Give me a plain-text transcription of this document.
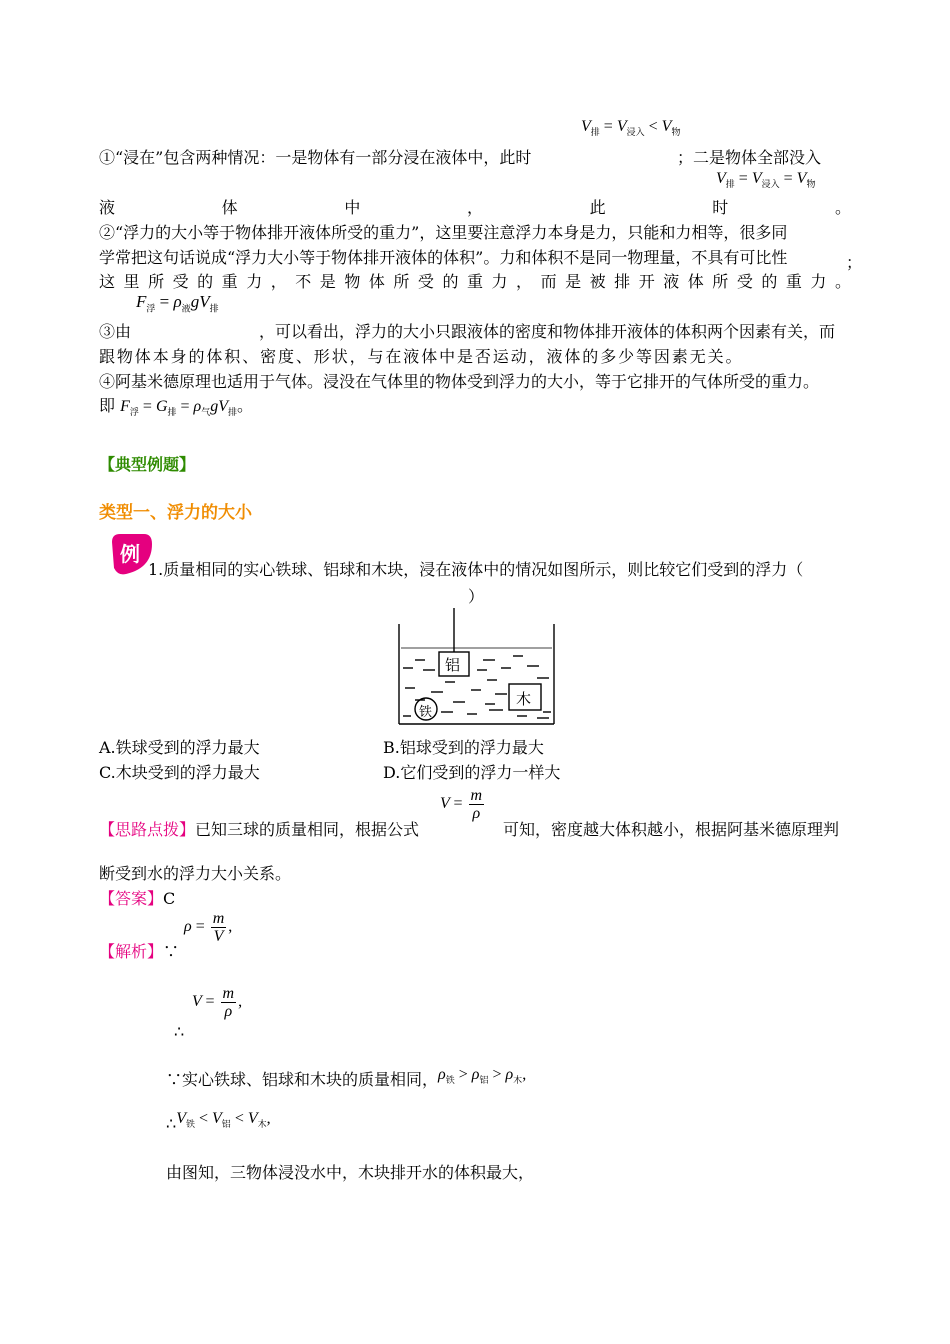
$V_排 = V_{浸入} < V_物$
①“浸在”包含两种情况：一是物体有一部分浸在液体中，此时	；二是物体全部没入
$V_排 = V_{浸入} = V_物$
液	体	中	，	此	时	。
②“浮力的大小等于物体排开液体所受的重力”，这里要注意浮力本身是力，只能和力相等，很多同
学常把这句话说成“浮力大小等于物体排开液体的体积”。力和体积不是同一物理量，不具有可比性	；
这 里 所 受 的 重 力 ， 不 是 物 体 所 受 的 重 力 ， 而 是 被 排 开 液 体 所 受 的 重 力 。
$F_浮 = \rho_液gV_排$
③由	，可以看出，浮力的大小只跟液体的密度和物体排开液体的体积两个因素有关，而
跟物体本身的体积、密度、形状，与在液体中是否运动，液体的多少等因素无关。
④阿基米德原理也适用于气体。浸没在气体里的物体受到浮力的大小，等于它排开的气体所受的重力。
即 $F_浮 = G_排 = \rho_气gV_排$。
【典型例题】
类型一、浮力的大小
例
1.质量相同的实心铁球、铝球和木块，浸在液体中的情况如图所示，则比较它们受到的浮力（
）
铝
木
铁
A.铁球受到的浮力最大	B.铝球受到的浮力最大
C.木块受到的浮力最大	D.它们受到的浮力一样大
【思路点拨】已知三球的质量相同，根据公式	可知，密度越大体积越小，根据阿基米德原理判
$V = \frac{m}{\rho}$
断受到水的浮力大小关系。
【答案】C
【解析】∵
$\rho = \frac{m}{V}$ ,
∴
$V = \frac{m}{\rho}$ ,
∵实心铁球、铝球和木块的质量相同，$\rho_铁 > \rho_铝 > \rho_木$,
$\therefore V_铁 < V_铝 < V_木$,
由图知，三物体浸没水中，木块排开水的体积最大，
